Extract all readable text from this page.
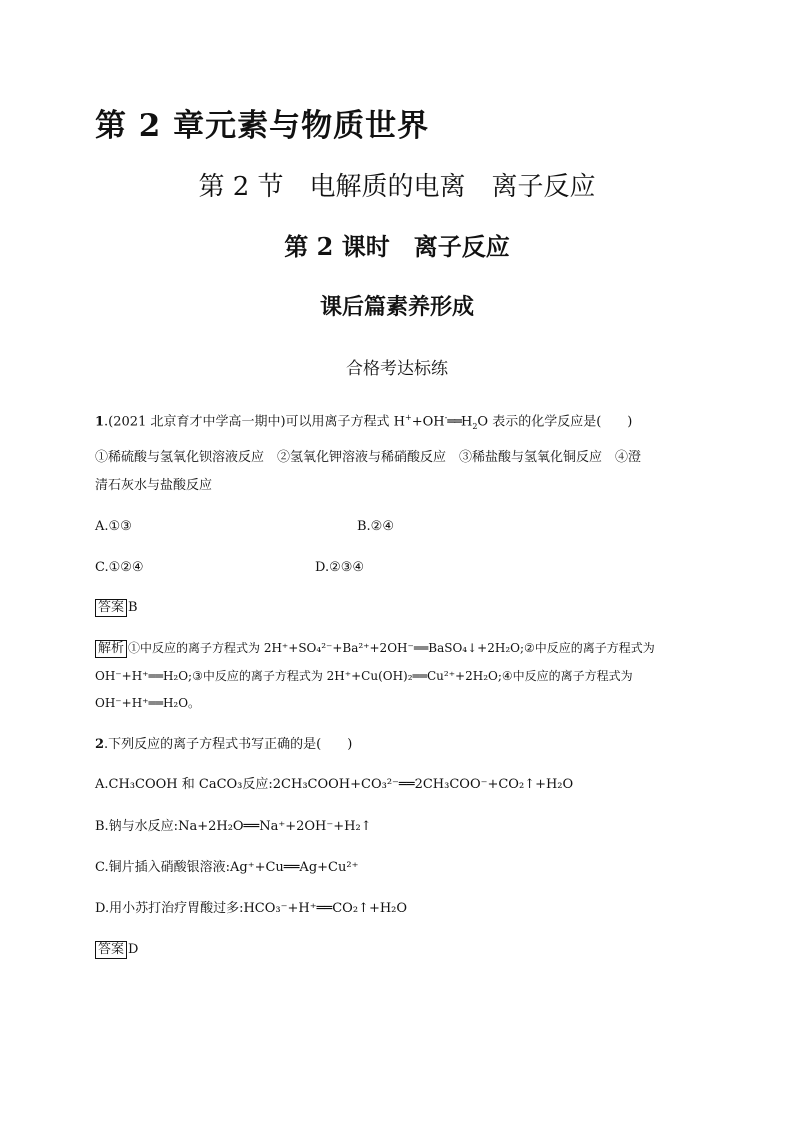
第 2 章元素与物质世界
第 2 节　电解质的电离　离子反应
第 2 课时　离子反应
课后篇素养形成
合格考达标练
1.(2021 北京育才中学高一期中)可以用离子方程式 $H^++OH^-══H_2O$ 表示的化学反应是(　　)
①稀硫酸与氢氧化钡溶液反应　②氢氧化钾溶液与稀硝酸反应　③稀盐酸与氢氧化铜反应　④澄
清石灰水与盐酸反应
A.①③	B.②④
C.①②④	D.②③④
答案 B
解析 ①中反应的离子方程式为 2H⁺+SO₄²⁻+Ba²⁺+2OH⁻══BaSO₄↓+2H₂O;②中反应的离子方程式为
OH⁻+H⁺══H₂O;③中反应的离子方程式为 2H⁺+Cu(OH)₂══Cu²⁺+2H₂O;④中反应的离子方程式为
OH⁻+H⁺══H₂O。
2.下列反应的离子方程式书写正确的是(　　)
A.CH₃COOH 和 CaCO₃反应:2CH₃COOH+CO₃²⁻══2CH₃COO⁻+CO₂↑+H₂O
B.钠与水反应:Na+2H₂O══Na⁺+2OH⁻+H₂↑
C.铜片插入硝酸银溶液:Ag⁺+Cu══Ag+Cu²⁺
D.用小苏打治疗胃酸过多:HCO₃⁻+H⁺══CO₂↑+H₂O
答案 D
